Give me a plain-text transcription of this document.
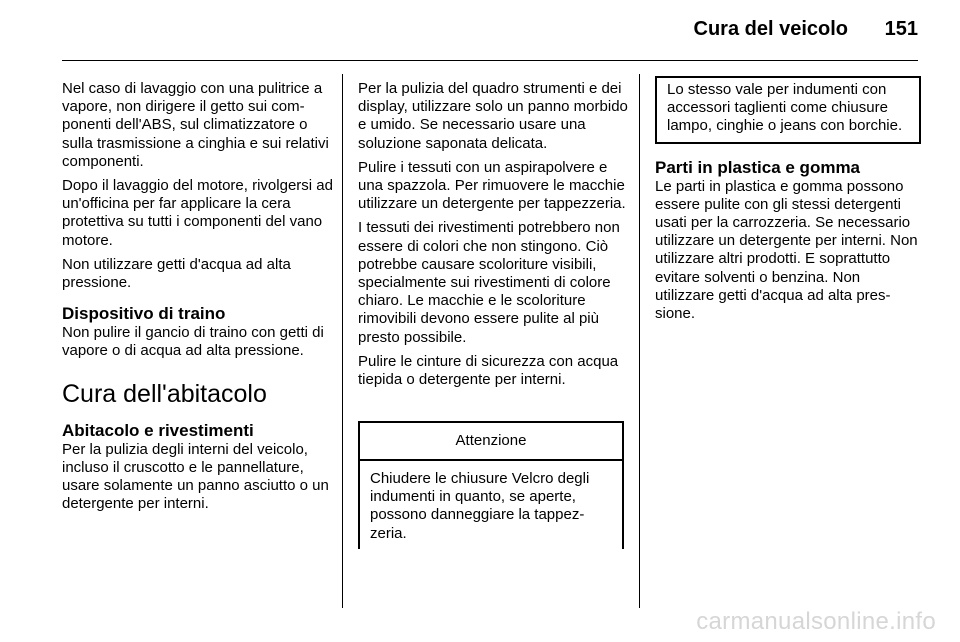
Cura del veicolo 151

Nel caso di lavaggio con una pulitrice a vapore, non dirigere il getto sui componenti dell'ABS, sul climatizzatore o sulla trasmissione a cinghia e sui relativi componenti.

Dopo il lavaggio del motore, rivolgersi ad un'officina per far applicare la cera protettiva su tutti i componenti del vano motore.

Non utilizzare getti d'acqua ad alta pressione.

Dispositivo di traino

Non pulire il gancio di traino con getti di vapore o di acqua ad alta pressione.

Cura dell'abitacolo
Abitacolo e rivestimenti

Per la pulizia degli interni del veicolo, incluso il cruscotto e le pannellature, usare solamente un panno asciutto o un detergente per interni.

Per la pulizia del quadro strumenti e dei display, utilizzare solo un panno morbido e umido. Se necessario usare una soluzione saponata delicata.

Pulire i tessuti con un aspirapolvere e una spazzola. Per rimuovere le macchie utilizzare un detergente per tappezzeria.

I tessuti dei rivestimenti potrebbero non essere di colori che non stingono. Ciò potrebbe causare scoloriture visibili, specialmente sui rivestimenti di colore chiaro. Le macchie e le scoloriture rimovibili devono essere pulite al più presto possibile.

Pulire le cinture di sicurezza con acqua tiepida o detergente per interni.

Attenzione
Chiudere le chiusure Velcro degli indumenti in quanto, se aperte, possono danneggiare la tappezzeria.

Lo stesso vale per indumenti con accessori taglienti come chiusure lampo, cinghie o jeans con borchie.

Parti in plastica e gomma

Le parti in plastica e gomma possono essere pulite con gli stessi detergenti usati per la carrozzeria. Se necessario utilizzare un detergente per interni. Non utilizzare altri prodotti. E soprattutto evitare solventi o benzina. Non utilizzare getti d'acqua ad alta pressione.

carmanualsonline.info
